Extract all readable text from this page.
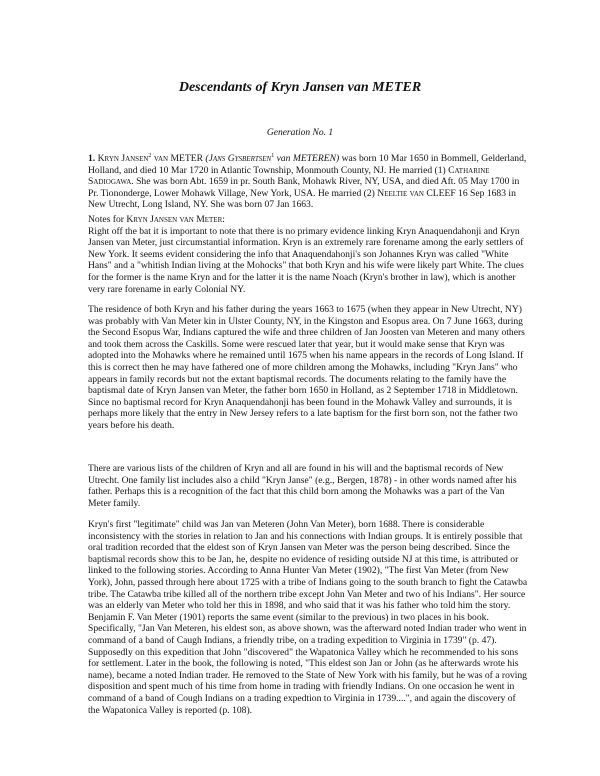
Descendants of Kryn Jansen van METER
Generation No. 1

1. Kryn Jansen$^2$ van METER (Jans Gysbertsen$^1$ van METEREN) was born 10 Mar 1650 in Bommell, Gelderland, Holland, and died 10 Mar 1720 in Atlantic Township, Monmouth County, NJ. He married (1) Catharine Sadiogawa. She was born Abt. 1659 in pr. South Bank, Mohawk River, NY, USA, and died Aft. 05 May 1700 in Pr. Tiononderge, Lower Mohawk Village, New York, USA. He married (2) Neeltie van CLEEF 16 Sep 1683 in New Utrecht, Long Island, NY. She was born 07 Jan 1663.

Notes for Kryn Jansen van Meter:

Right off the bat it is important to note that there is no primary evidence linking Kryn Anaquendahonji and Kryn Jansen van Meter, just circumstantial information. Kryn is an extremely rare forename among the early settlers of New York. It seems evident considering the info that Anaquendahonji's son Johannes Kryn was called "White Hans" and a "whitish Indian living at the Mohocks" that both Kryn and his wife were likely part White. The clues for the former is the name Kryn and for the latter it is the name Noach (Kryn's brother in law), which is another very rare forename in early Colonial NY.

The residence of both Kryn and his father during the years 1663 to 1675 (when they appear in New Utrecht, NY) was probably with Van Meter kin in Ulster County, NY, in the Kingston and Esopus area. On 7 June 1663, during the Second Esopus War, Indians captured the wife and three children of Jan Joosten van Meteren and many others and took them across the Caskills. Some were rescued later that year, but it would make sense that Kryn was adopted into the Mohawks where he remained until 1675 when his name appears in the records of Long Island. If this is correct then he may have fathered one of more children among the Mohawks, including "Kryn Jans" who appears in family records but not the extant baptismal records. The documents relating to the family have the baptismal date of Kryn Jansen van Meter, the father born 1650 in Holland, as 2 September 1718 in Middletown. Since no baptismal record for Kryn Anaquendahonji has been found in the Mohawk Valley and surrounds, it is perhaps more likely that the entry in New Jersey refers to a late baptism for the first born son, not the father two years before his death.
There are various lists of the children of Kryn and all are found in his will and the baptismal records of New Utrecht. One family list includes also a child "Kryn Janse" (e.g., Bergen, 1878) - in other words named after his father. Perhaps this is a recognition of the fact that this child born among the Mohawks was a part of the Van Meter family.
Kryn's first "legitimate" child was Jan van Meteren (John Van Meter), born 1688. There is considerable inconsistency with the stories in relation to Jan and his connections with Indian groups. It is entirely possible that oral tradition recorded that the eldest son of Kryn Jansen van Meter was the person being described. Since the baptismal records show this to be Jan, he, despite no evidence of residing outside NJ at this time, is attributed or linked to the following stories. According to Anna Hunter Van Meter (1902), "The first Van Meter (from New York), John, passed through here about 1725 with a tribe of Indians going to the south branch to fight the Catawba tribe. The Catawba tribe killed all of the northern tribe except John Van Meter and two of his Indians". Her source was an elderly van Meter who told her this in 1898, and who said that it was his father who told him the story. Benjamin F. Van Meter (1901) reports the same event (similar to the previous) in two places in his book. Specifically, "Jan Van Meteren, his eldest son, as above shown, was the afterward noted Indian trader who went in command of a band of Caugh Indians, a friendly tribe, on a trading expedition to Virginia in 1739" (p. 47). Supposedly on this expedition that John "discovered" the Wapatonica Valley which he recommended to his sons for settlement. Later in the book, the following is noted, "This eldest son Jan or John (as he afterwards wrote his name), became a noted Indian trader. He removed to the State of New York with his family, but he was of a roving disposition and spent much of his time from home in trading with friendly Indians. On one occasion he went in command of a band of Cough Indians on a trading expedtion to Virginia in 1739....", and again the discovery of the Wapatonica Valley is reported (p. 108).
